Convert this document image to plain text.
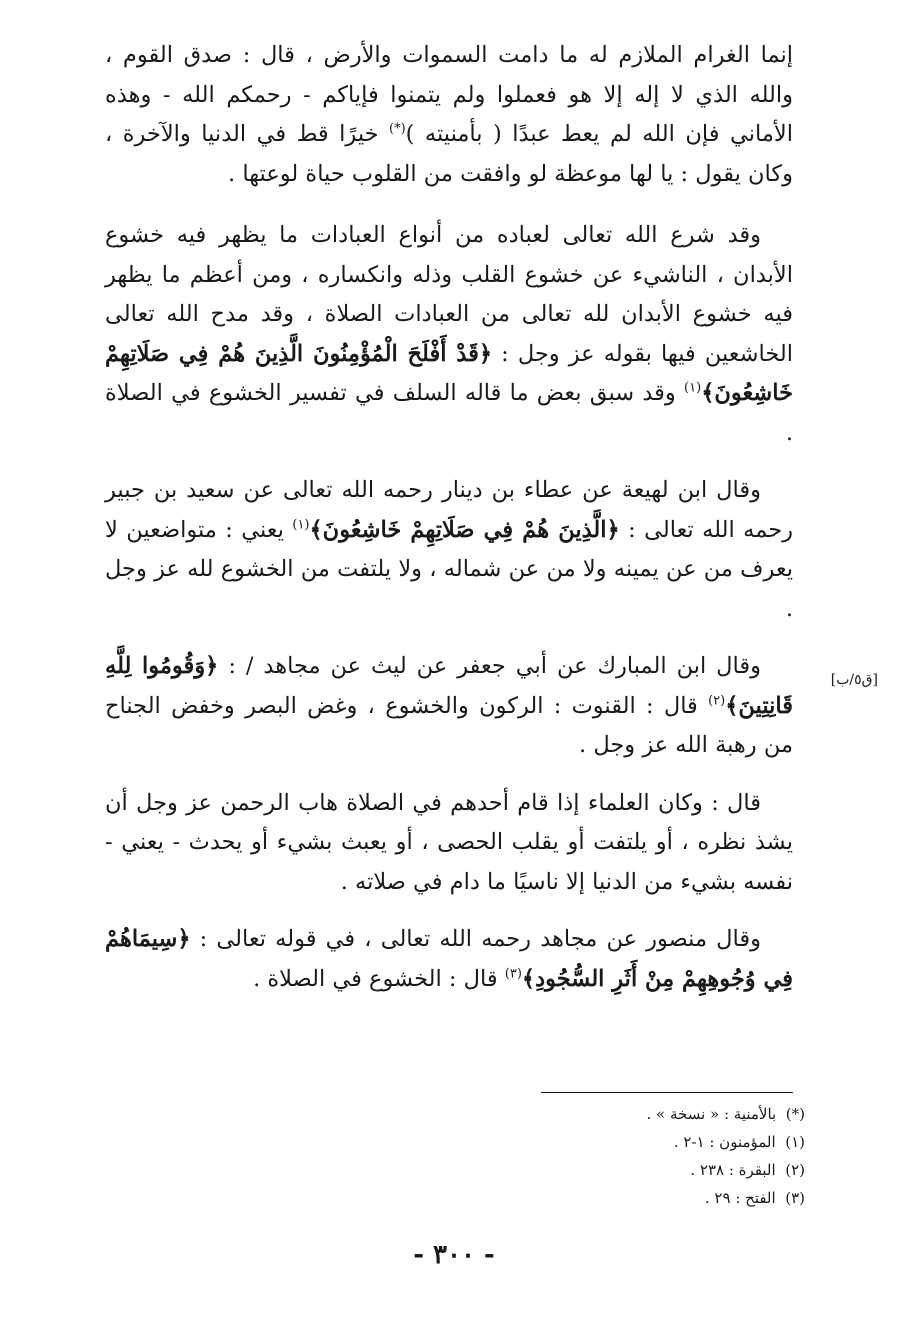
إنما الغرام الملازم له ما دامت السموات والأرض ، قال : صدق القوم ، والله الذي لا إله إلا هو فعملوا ولم يتمنوا فإياكم - رحمكم الله - وهذه الأماني فإن الله لم يعط عبدًا ( بأمنيته )(*) خيرًا قط في الدنيا والآخرة ، وكان يقول : يا لها موعظة لو وافقت من القلوب حياة لوعتها .

وقد شرع الله تعالى لعباده من أنواع العبادات ما يظهر فيه خشوع الأبدان ، الناشيء عن خشوع القلب وذله وانكساره ، ومن أعظم ما يظهر فيه خشوع الأبدان لله تعالى من العبادات الصلاة ، وقد مدح الله تعالى الخاشعين فيها بقوله عز وجل : ﴿قَدْ أَفْلَحَ الْمُؤْمِنُونَ الَّذِينَ هُمْ فِي صَلَاتِهِمْ خَاشِعُونَ﴾$^{(١)}$ وقد سبق بعض ما قاله السلف في تفسير الخشوع في الصلاة .

وقال ابن لهيعة عن عطاء بن دينار رحمه الله تعالى عن سعيد بن جبير رحمه الله تعالى : ﴿الَّذِينَ هُمْ فِي صَلَاتِهِمْ خَاشِعُونَ﴾$^{(١)}$ يعني : متواضعين لا يعرف من عن يمينه ولا من عن شماله ، ولا يلتفت من الخشوع لله عز وجل .

وقال ابن المبارك عن أبي جعفر عن ليث عن مجاهد / : ﴿وَقُومُوا لِلَّهِ قَانِتِينَ﴾$^{(٢)}$ قال : القنوت : الركون والخشوع ، وغض البصر وخفض الجناح من رهبة الله عز وجل .

قال : وكان العلماء إذا قام أحدهم في الصلاة هاب الرحمن عز وجل أن يشذ نظره ، أو يلتفت أو يقلب الحصى ، أو يعبث بشيء أو يحدث - يعني - نفسه بشيء من الدنيا إلا ناسيًا ما دام في صلاته .

وقال منصور عن مجاهد رحمه الله تعالى ، في قوله تعالى : ﴿سِيمَاهُمْ فِي وُجُوهِهِمْ مِنْ أَثَرِ السُّجُودِ﴾$^{(٣)}$ قال : الخشوع في الصلاة .

[ق٥/ب]
(*)  بالأمنية : « نسخة » .
(١)  المؤمنون : ١-٢ .
(٢)  البقرة : ٢٣٨ .
(٣)  الفتح : ٢٩ .
- ٣٠٠ -
